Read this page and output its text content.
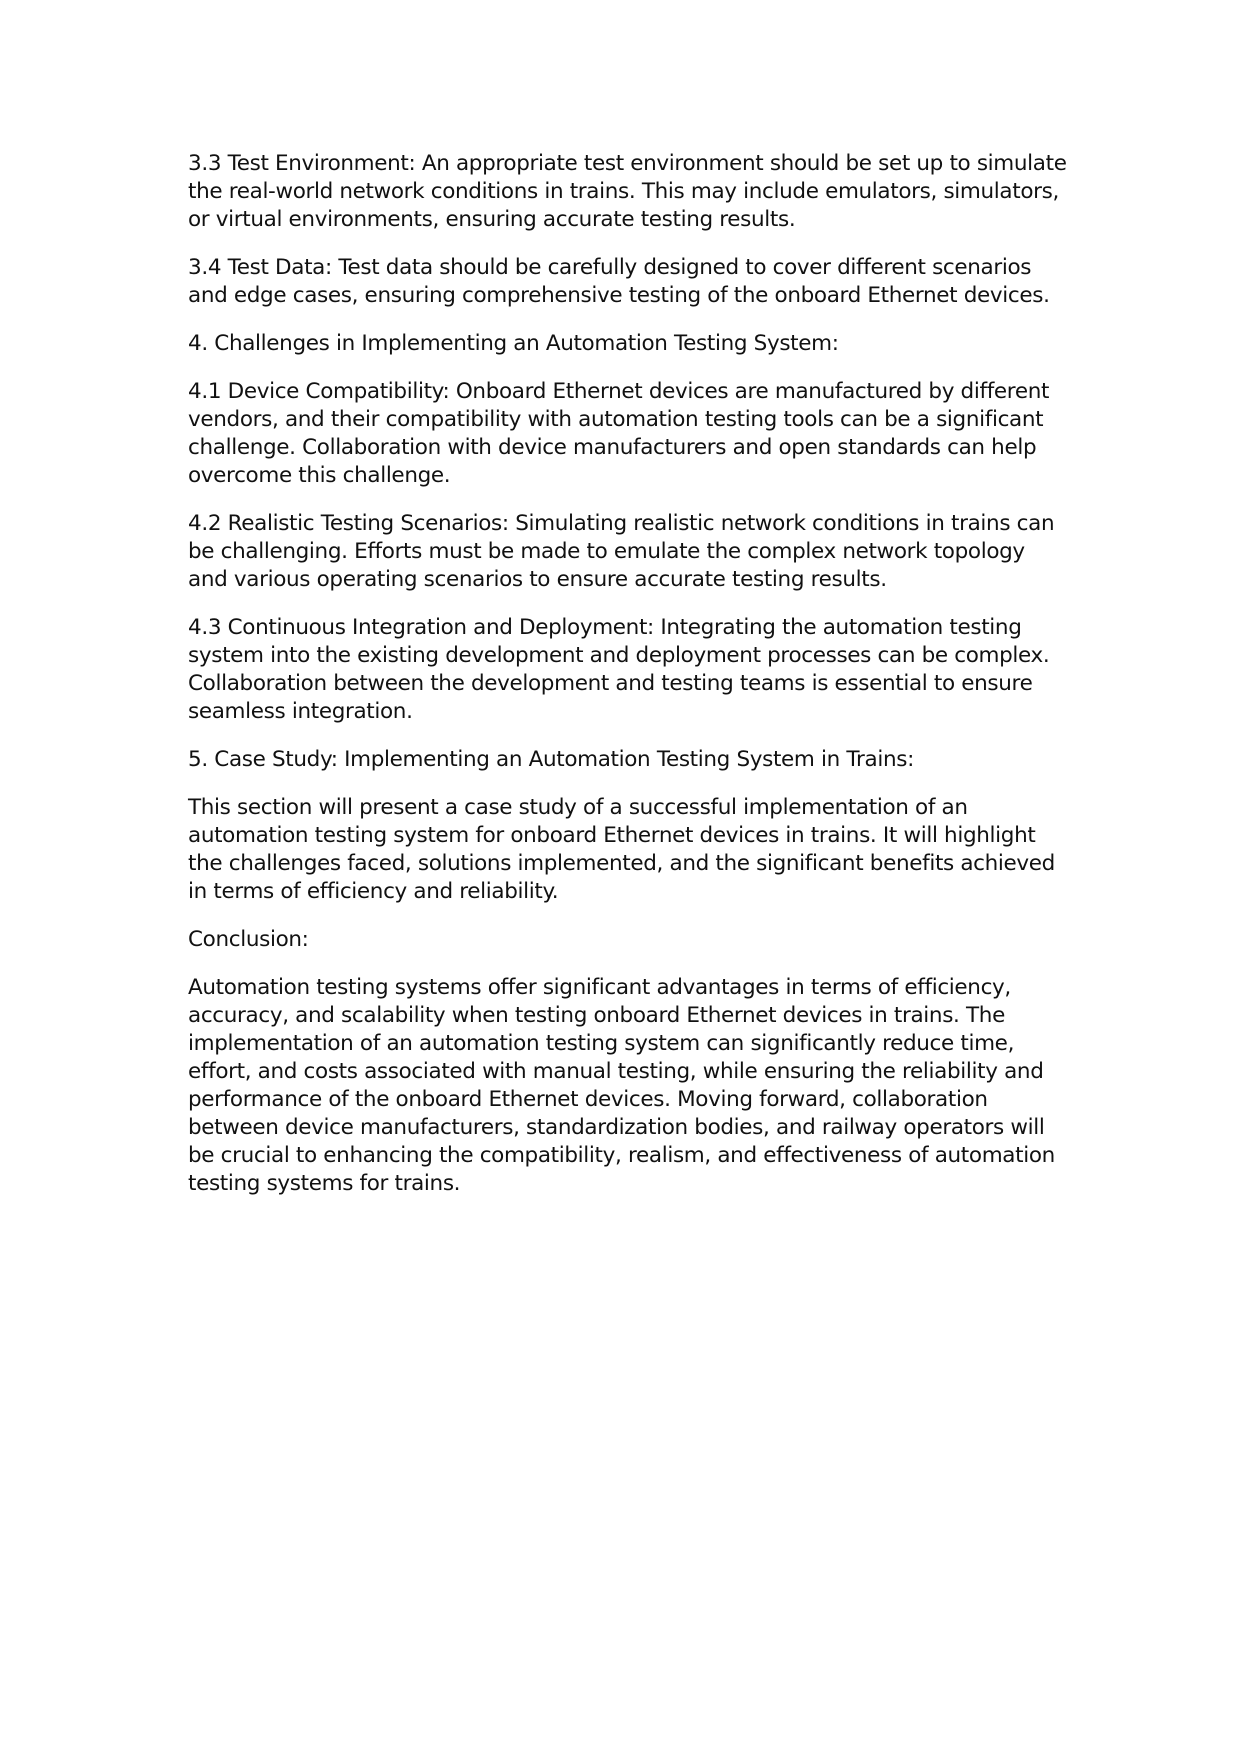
3.3 Test Environment: An appropriate test environment should be set up to simulate the real-world network conditions in trains. This may include emulators, simulators, or virtual environments, ensuring accurate testing results.

3.4 Test Data: Test data should be carefully designed to cover different scenarios and edge cases, ensuring comprehensive testing of the onboard Ethernet devices.

4. Challenges in Implementing an Automation Testing System:

4.1 Device Compatibility: Onboard Ethernet devices are manufactured by different vendors, and their compatibility with automation testing tools can be a significant challenge. Collaboration with device manufacturers and open standards can help overcome this challenge.

4.2 Realistic Testing Scenarios: Simulating realistic network conditions in trains can be challenging. Efforts must be made to emulate the complex network topology and various operating scenarios to ensure accurate testing results.

4.3 Continuous Integration and Deployment: Integrating the automation testing system into the existing development and deployment processes can be complex. Collaboration between the development and testing teams is essential to ensure seamless integration.

5. Case Study: Implementing an Automation Testing System in Trains:

This section will present a case study of a successful implementation of an automation testing system for onboard Ethernet devices in trains. It will highlight the challenges faced, solutions implemented, and the significant benefits achieved in terms of efficiency and reliability.

Conclusion:

Automation testing systems offer significant advantages in terms of efficiency, accuracy, and scalability when testing onboard Ethernet devices in trains. The implementation of an automation testing system can significantly reduce time, effort, and costs associated with manual testing, while ensuring the reliability and performance of the onboard Ethernet devices. Moving forward, collaboration between device manufacturers, standardization bodies, and railway operators will be crucial to enhancing the compatibility, realism, and effectiveness of automation testing systems for trains.
